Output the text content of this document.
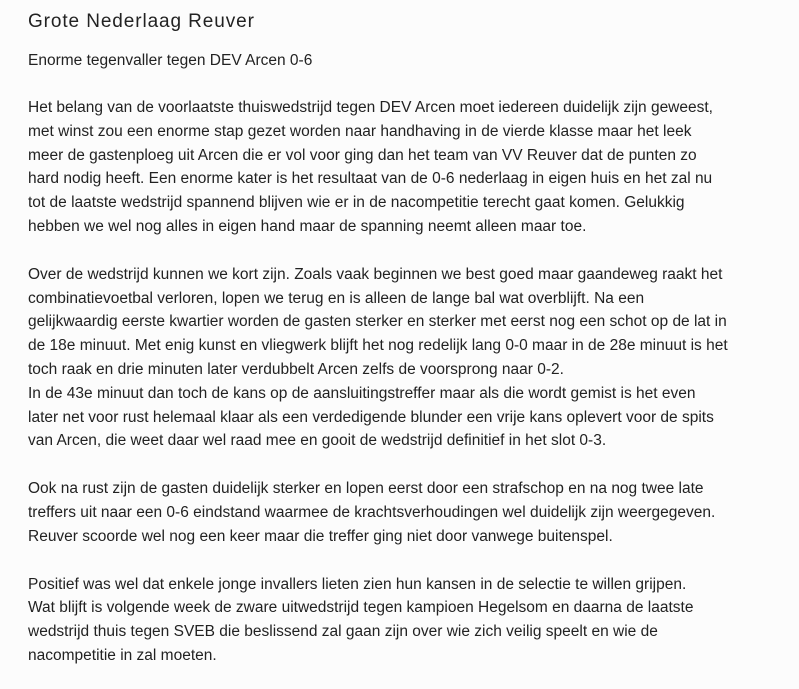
Grote Nederlaag Reuver

Enorme tegenvaller tegen DEV Arcen 0-6

Het belang van de voorlaatste thuiswedstrijd tegen DEV Arcen moet iedereen duidelijk zijn geweest,
met winst zou een enorme stap gezet worden naar handhaving in de vierde klasse maar het leek
meer de gastenploeg uit Arcen die er vol voor ging dan het team van VV Reuver dat de punten zo
hard nodig heeft. Een enorme kater is het resultaat van de 0-6 nederlaag in eigen huis en het zal nu
tot de laatste wedstrijd spannend blijven wie er in de nacompetitie terecht gaat komen. Gelukkig
hebben we wel nog alles in eigen hand maar de spanning neemt alleen maar toe.

Over de wedstrijd kunnen we kort zijn. Zoals vaak beginnen we best goed maar gaandeweg raakt het
combinatievoetbal verloren, lopen we terug en is alleen de lange bal wat overblijft. Na een
gelijkwaardig eerste kwartier worden de gasten sterker en sterker met eerst nog een schot op de lat in
de 18e minuut. Met enig kunst en vliegwerk blijft het nog redelijk lang 0-0 maar in de 28e minuut is het
toch raak en drie minuten later verdubbelt Arcen zelfs de voorsprong naar 0-2.
In de 43e minuut dan toch de kans op de aansluitingstreffer maar als die wordt gemist is het even
later net voor rust helemaal klaar als een verdedigende blunder een vrije kans oplevert voor de spits
van Arcen, die weet daar wel raad mee en gooit de wedstrijd definitief in het slot 0-3.

Ook na rust zijn de gasten duidelijk sterker en lopen eerst door een strafschop en na nog twee late
treffers uit naar een 0-6 eindstand waarmee de krachtsverhoudingen wel duidelijk zijn weergegeven.
Reuver scoorde wel nog een keer maar die treffer ging niet door vanwege buitenspel.

Positief was wel dat enkele jonge invallers lieten zien hun kansen in de selectie te willen grijpen.
Wat blijft is volgende week de zware uitwedstrijd tegen kampioen Hegelsom en daarna de laatste
wedstrijd thuis tegen SVEB die beslissend zal gaan zijn over wie zich veilig speelt en wie de
nacompetitie in zal moeten.
